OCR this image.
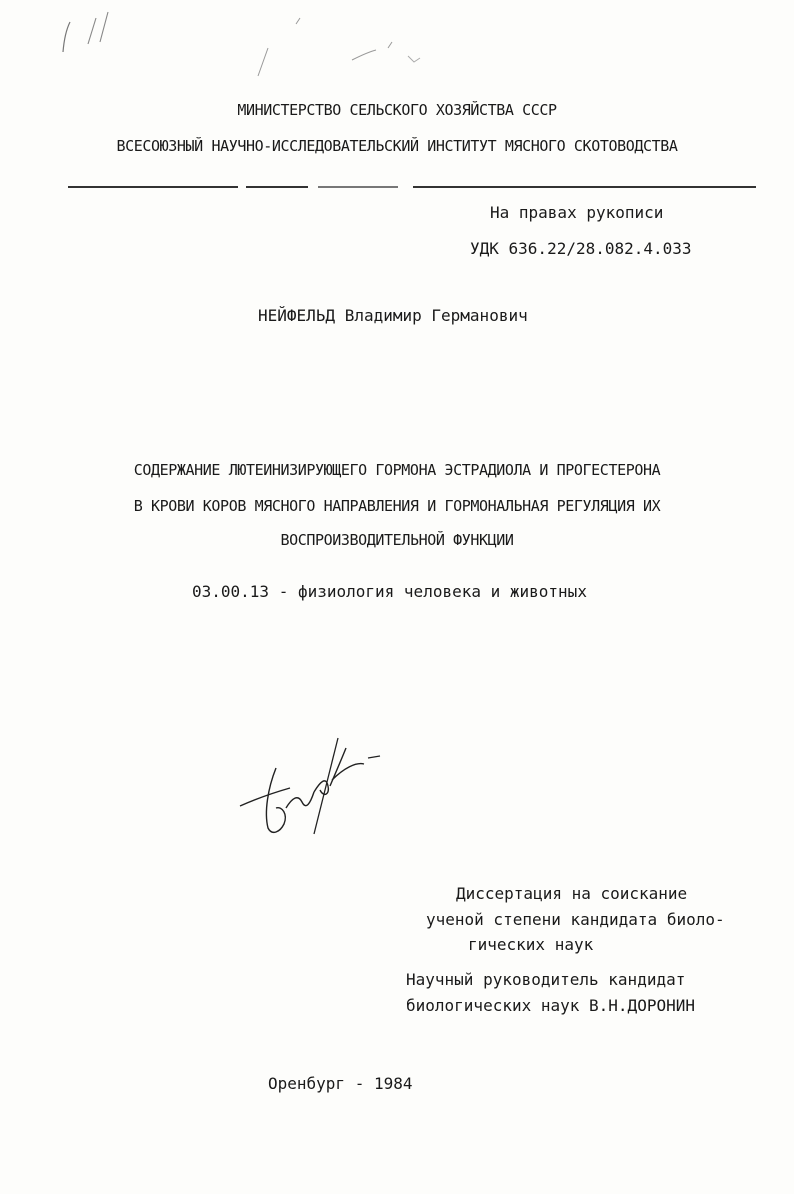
МИНИСТЕРСТВО СЕЛЬСКОГО ХОЗЯЙСТВА СССР
ВСЕСОЮЗНЫЙ НАУЧНО-ИССЛЕДОВАТЕЛЬСКИЙ ИНСТИТУТ МЯСНОГО СКОТОВОДСТВА
На правах рукописи
УДК 636.22/28.082.4.033
НЕЙФЕЛЬД Владимир Германович
СОДЕРЖАНИЕ ЛЮТЕИНИЗИРУЮЩЕГО ГОРМОНА ЭСТРАДИОЛА И ПРОГЕСТЕРОНА
В КРОВИ КОРОВ МЯСНОГО НАПРАВЛЕНИЯ И ГОРМОНАЛЬНАЯ РЕГУЛЯЦИЯ ИХ
ВОСПРОИЗВОДИТЕЛЬНОЙ ФУНКЦИИ
03.00.13 - физиология человека и животных
Диссертация на соискание
ученой степени кандидата биоло-
гических наук
Научный руководитель кандидат
биологических наук В.Н.ДОРОНИН
Оренбург - 1984
